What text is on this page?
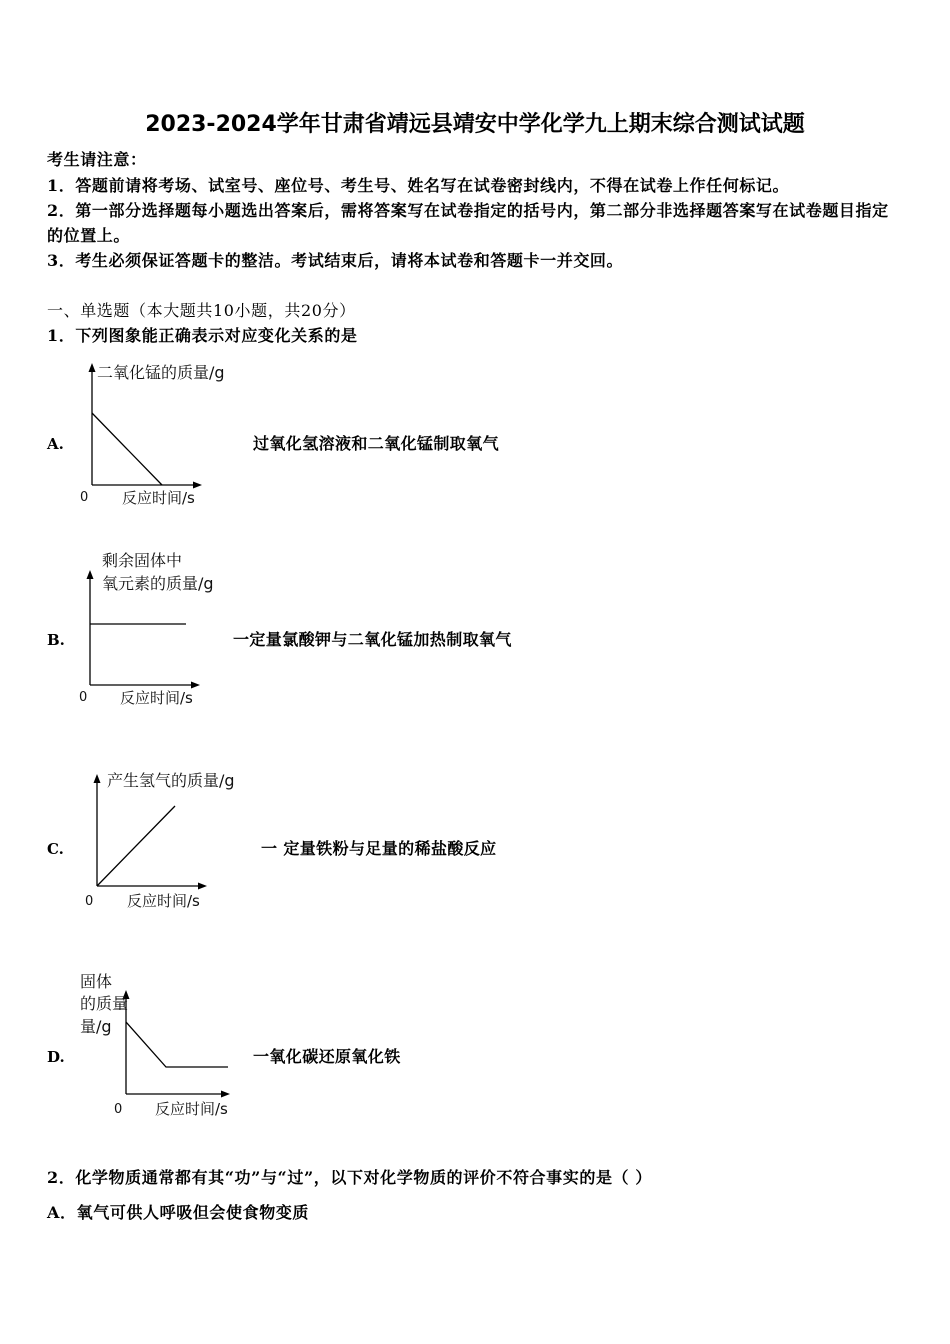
2023-2024学年甘肃省靖远县靖安中学化学九上期末综合测试试题
考生请注意：
1．答题前请将考场、试室号、座位号、考生号、姓名写在试卷密封线内，不得在试卷上作任何标记。
2．第一部分选择题每小题选出答案后，需将答案写在试卷指定的括号内，第二部分非选择题答案写在试卷题目指定
的位置上。
3．考生必须保证答题卡的整洁。考试结束后，请将本试卷和答题卡一并交回。
一、单选题（本大题共10小题，共20分）
1．下列图象能正确表示对应变化关系的是
二氧化锰的质量/g
0 反应时间/s
A.	过氧化氢溶液和二氧化锰制取氧气
剩余固体中
氧元素的质量/g
0 反应时间/s
B.	一定量氯酸钾与二氧化锰加热制取氧气
产生氢气的质量/g
0 反应时间/s
C.	一 定量铁粉与足量的稀盐酸反应
固体
的质量
量/g
0 反应时间/s
D.	一氧化碳还原氧化铁
2．化学物质通常都有其“功”与“过”，以下对化学物质的评价不符合事实的是（ ）
A．氧气可供人呼吸但会使食物变质
